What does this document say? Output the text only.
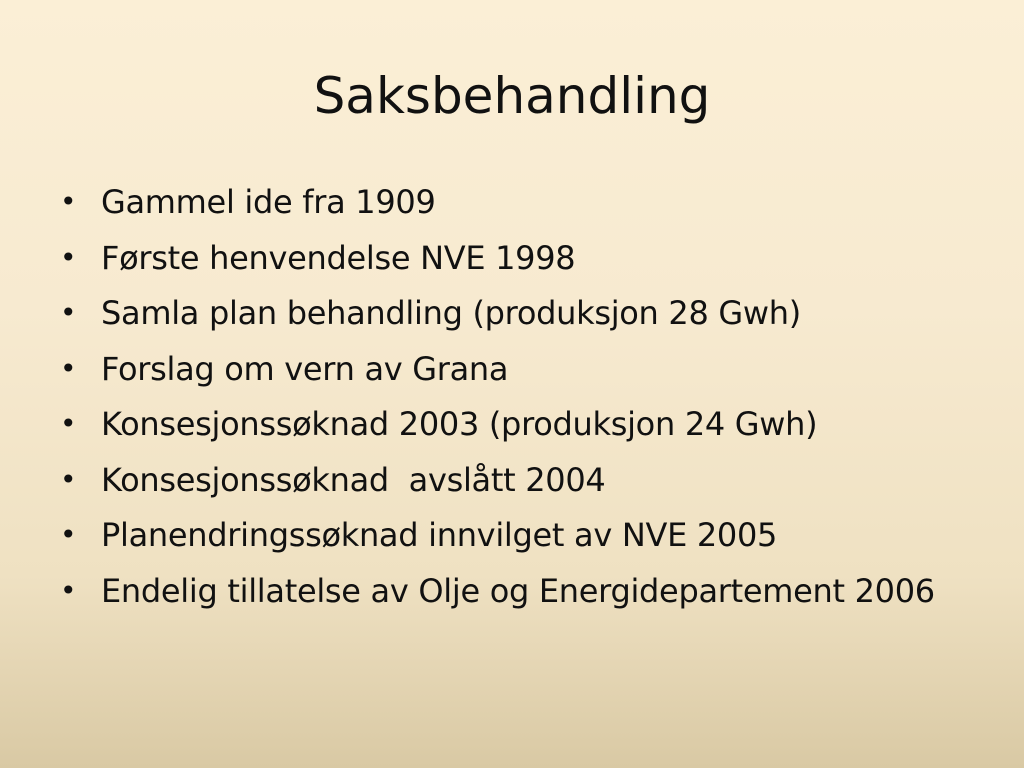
Saksbehandling
• Gammel ide fra 1909
• Første henvendelse NVE 1998
• Samla plan behandling (produksjon 28 Gwh)
• Forslag om vern av Grana
• Konsesjonssøknad 2003 (produksjon 24 Gwh)
• Konsesjonssøknad  avslått 2004
• Planendringssøknad innvilget av NVE 2005
• Endelig tillatelse av Olje og Energidepartement 2006
